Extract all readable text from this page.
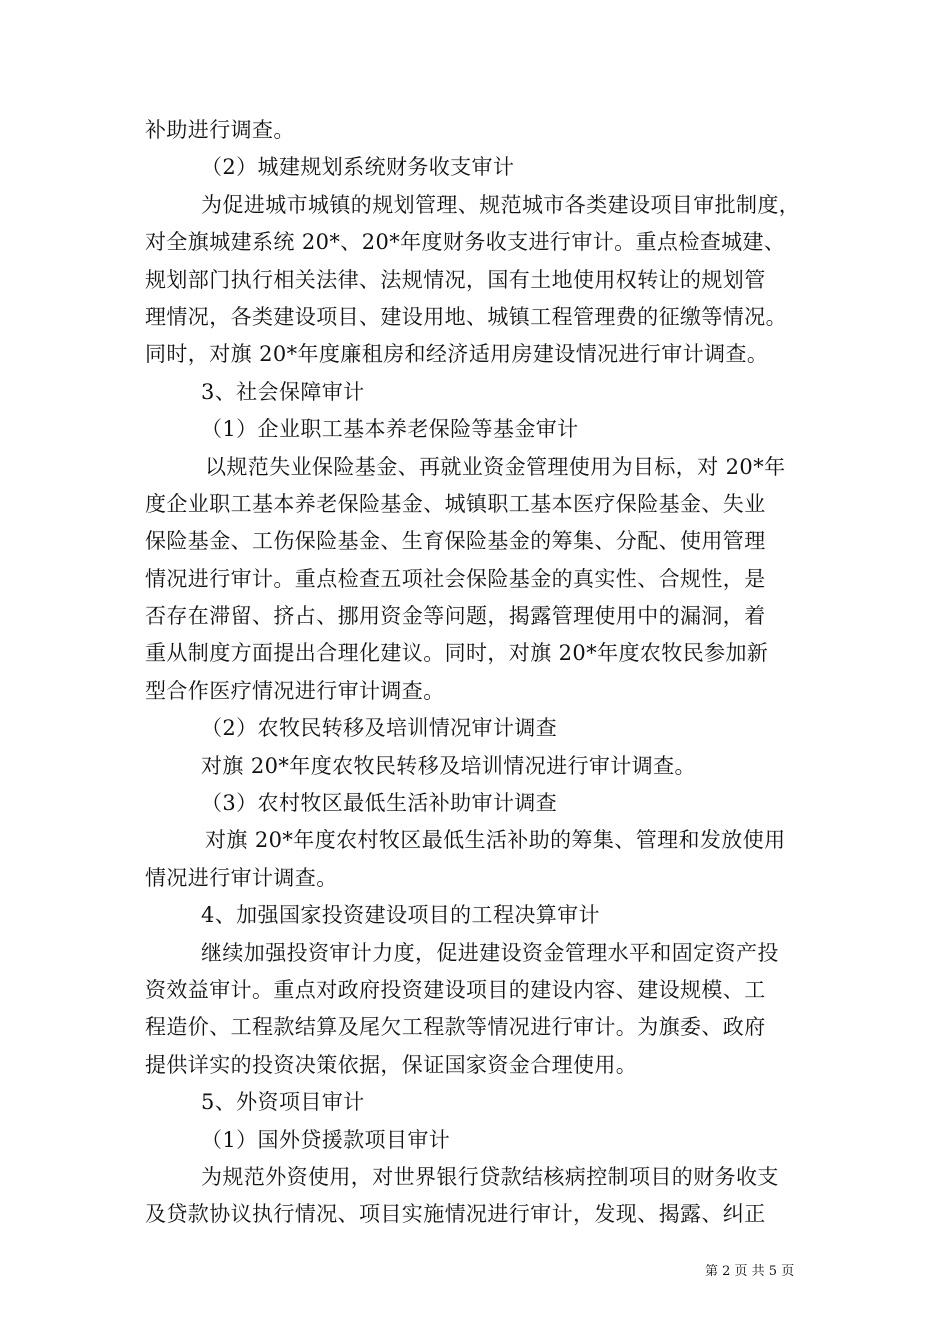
补助进行调查。
（2）城建规划系统财务收支审计
为促进城市城镇的规划管理、规范城市各类建设项目审批制度，
对全旗城建系统 20*、20*年度财务收支进行审计。重点检查城建、
规划部门执行相关法律、法规情况，国有土地使用权转让的规划管
理情况，各类建设项目、建设用地、城镇工程管理费的征缴等情况。
同时，对旗 20*年度廉租房和经济适用房建设情况进行审计调查。
3、社会保障审计
（1）企业职工基本养老保险等基金审计
以规范失业保险基金、再就业资金管理使用为目标，对 20*年
度企业职工基本养老保险基金、城镇职工基本医疗保险基金、失业
保险基金、工伤保险基金、生育保险基金的筹集、分配、使用管理
情况进行审计。重点检查五项社会保险基金的真实性、合规性，是
否存在滞留、挤占、挪用资金等问题，揭露管理使用中的漏洞，着
重从制度方面提出合理化建议。同时，对旗 20*年度农牧民参加新
型合作医疗情况进行审计调查。
（2）农牧民转移及培训情况审计调查
对旗 20*年度农牧民转移及培训情况进行审计调查。
（3）农村牧区最低生活补助审计调查
对旗 20*年度农村牧区最低生活补助的筹集、管理和发放使用
情况进行审计调查。
4、加强国家投资建设项目的工程决算审计
继续加强投资审计力度，促进建设资金管理水平和固定资产投
资效益审计。重点对政府投资建设项目的建设内容、建设规模、工
程造价、工程款结算及尾欠工程款等情况进行审计。为旗委、政府
提供详实的投资决策依据，保证国家资金合理使用。
5、外资项目审计
（1）国外贷援款项目审计
为规范外资使用，对世界银行贷款结核病控制项目的财务收支
及贷款协议执行情况、项目实施情况进行审计，发现、揭露、纠正
第 2 页 共 5 页
